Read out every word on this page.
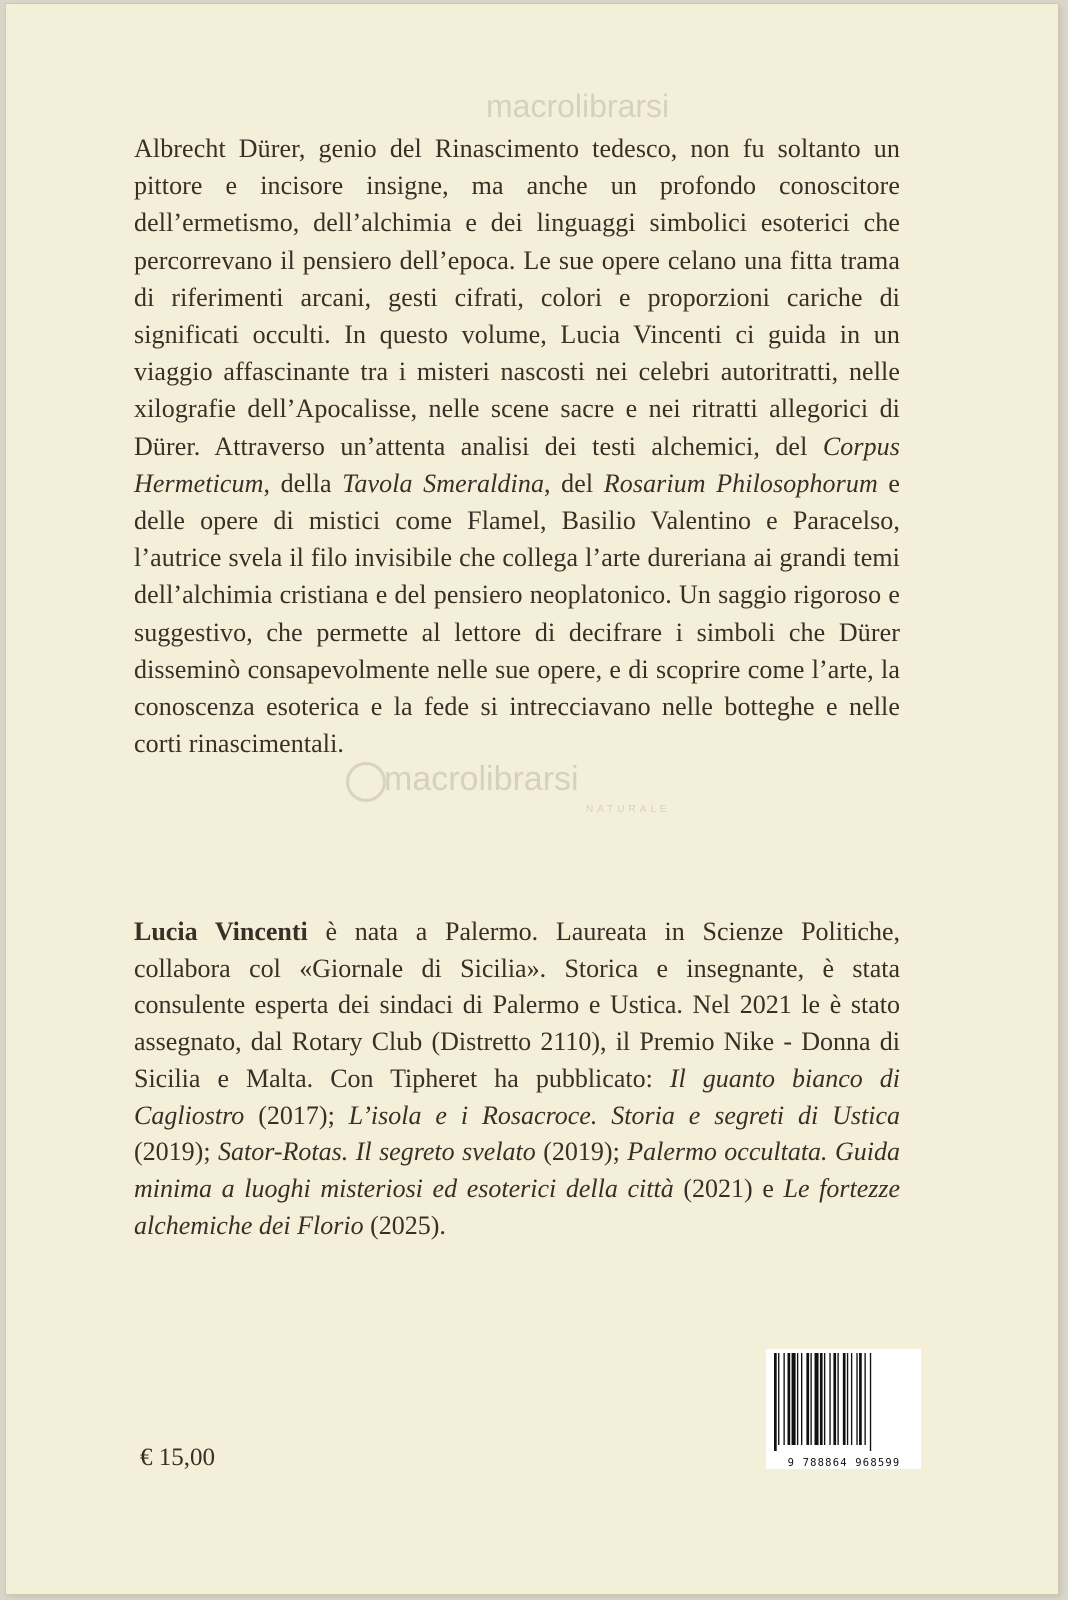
Albrecht Dürer, genio del Rinascimento tedesco, non fu soltanto un pittore e incisore insigne, ma anche un profondo conoscitore dell’ermetismo, dell’alchimia e dei linguaggi simbolici esoterici che percorrevano il pensiero dell’epoca. Le sue opere celano una fitta trama di riferimenti arcani, gesti cifrati, colori e proporzioni cariche di significati occulti. In questo volume, Lucia Vincenti ci guida in un viaggio affascinante tra i misteri nascosti nei celebri autoritratti, nelle xilografie dell’Apocalisse, nelle scene sacre e nei ritratti allegorici di Dürer. Attraverso un’attenta analisi dei testi alchemici, del Corpus Hermeticum, della Tavola Smeraldina, del Rosarium Philosophorum e delle opere di mistici come Flamel, Basilio Valentino e Paracelso, l’autrice svela il filo invisibile che collega l’arte dureriana ai grandi temi dell’alchimia cristiana e del pensiero neoplatonico. Un saggio rigoroso e suggestivo, che permette al lettore di decifrare i simboli che Dürer disseminò consapevolmente nelle sue opere, e di scoprire come l’arte, la conoscenza esoterica e la fede si intrecciavano nelle botteghe e nelle corti rinascimentali.

Lucia Vincenti è nata a Palermo. Laureata in Scienze Politiche, collabora col «Giornale di Sicilia». Storica e insegnante, è stata consulente esperta dei sindaci di Palermo e Ustica. Nel 2021 le è stato assegnato, dal Rotary Club (Distretto 2110), il Premio Nike - Donna di Sicilia e Malta. Con Tipheret ha pubblicato: Il guanto bianco di Cagliostro (2017); L’isola e i Rosacroce. Storia e segreti di Ustica (2019); Sator-Rotas. Il segreto svelato (2019); Palermo occultata. Guida minima a luoghi misteriosi ed esoterici della città (2021) e Le fortezze alchemiche dei Florio (2025).

€ 15,00	9 788864 968599
macrolibrarsi
macrolibrarsi
NATURALE
